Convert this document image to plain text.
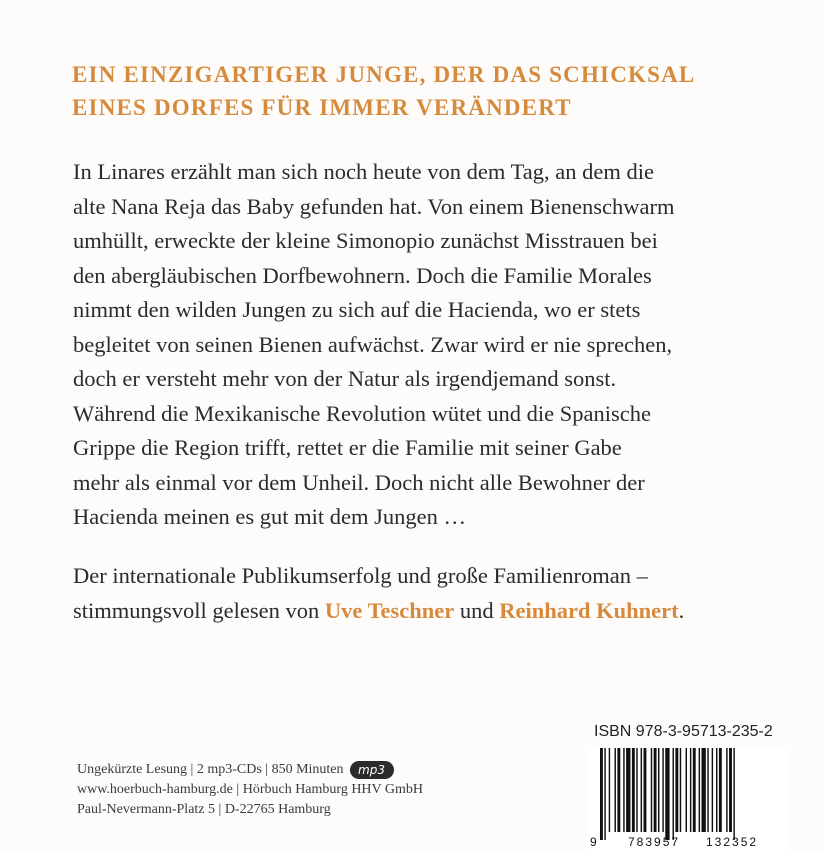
EIN EINZIGARTIGER JUNGE, DER DAS SCHICKSAL
EINES DORFES FÜR IMMER VERÄNDERT
In Linares erzählt man sich noch heute von dem Tag, an dem die
alte Nana Reja das Baby gefunden hat. Von einem Bienenschwarm
umhüllt, erweckte der kleine Simonopio zunächst Misstrauen bei
den abergläubischen Dorfbewohnern. Doch die Familie Morales
nimmt den wilden Jungen zu sich auf die Hacienda, wo er stets
begleitet von seinen Bienen aufwächst. Zwar wird er nie sprechen,
doch er versteht mehr von der Natur als irgendjemand sonst.
Während die Mexikanische Revolution wütet und die Spanische
Grippe die Region trifft, rettet er die Familie mit seiner Gabe
mehr als einmal vor dem Unheil. Doch nicht alle Bewohner der
Hacienda meinen es gut mit dem Jungen …
Der internationale Publikumserfolg und große Familienroman –
stimmungsvoll gelesen von Uve Teschner und Reinhard Kuhnert.
Ungekürzte Lesung | 2 mp3-CDs | 850 Minuten mp3
www.hoerbuch-hamburg.de | Hörbuch Hamburg HHV GmbH
Paul-Nevermann-Platz 5 | D-22765 Hamburg
ISBN 978-3-95713-235-2
9	783957 132352
